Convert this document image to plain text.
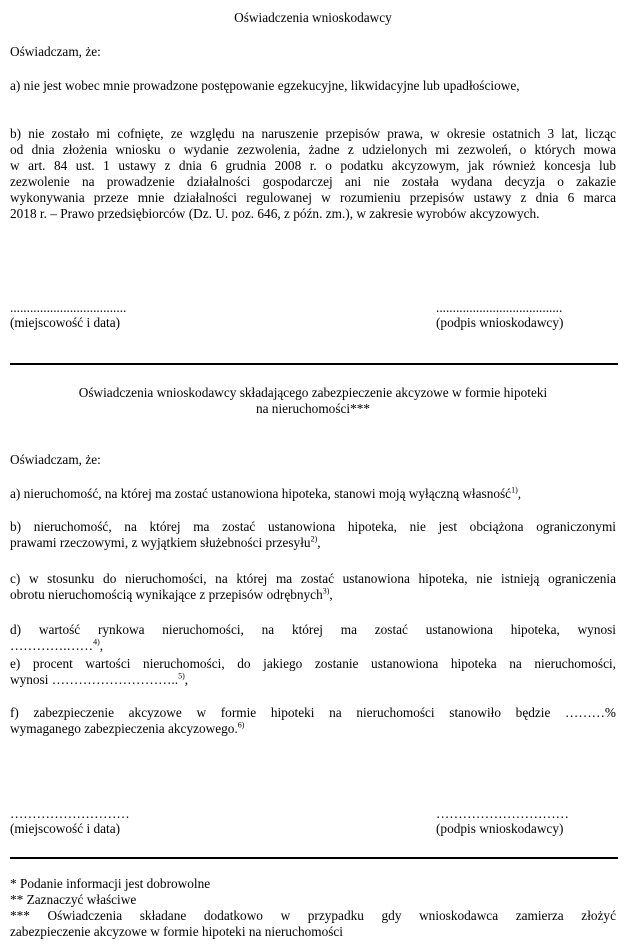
Oświadczenia wnioskodawcy
Oświadczam, że:
a) nie jest wobec mnie prowadzone postępowanie egzekucyjne, likwidacyjne lub upadłościowe,
b) nie zostało mi cofnięte, ze względu na naruszenie przepisów prawa, w okresie ostatnich 3 lat, licząc
od dnia złożenia wniosku o wydanie zezwolenia, żadne z udzielonych mi zezwoleń, o których mowa
w art. 84 ust. 1 ustawy z dnia 6 grudnia 2008 r. o podatku akcyzowym, jak również koncesja lub
zezwolenie na prowadzenie działalności gospodarczej ani nie została wydana decyzja o zakazie
wykonywania przeze mnie działalności regulowanej w rozumieniu przepisów ustawy z dnia 6 marca
2018 r. – Prawo przedsiębiorców (Dz. U. poz. 646, z późn. zm.), w zakresie wyrobów akcyzowych.
...................................
(miejscowość i data)
......................................
(podpis wnioskodawcy)
Oświadczenia wnioskodawcy składającego zabezpieczenie akcyzowe w formie hipoteki
na nieruchomości***
Oświadczam, że:
a) nieruchomość, na której ma zostać ustanowiona hipoteka, stanowi moją wyłączną własność$^{1)}$,
b) nieruchomość, na której ma zostać ustanowiona hipoteka, nie jest obciążona ograniczonymi
prawami rzeczowymi, z wyjątkiem służebności przesyłu$^{2)}$,
c) w stosunku do nieruchomości, na której ma zostać ustanowiona hipoteka, nie istnieją ograniczenia
obrotu nieruchomością wynikające z przepisów odrębnych$^{3)}$,
d) wartość rynkowa nieruchomości, na której ma zostać ustanowiona hipoteka, wynosi
………….……$^{4)}$,
e) procent wartości nieruchomości, do jakiego zostanie ustanowiona hipoteka na nieruchomości,
wynosi ………………………..$^{5)}$,
f) zabezpieczenie akcyzowe w formie hipoteki na nieruchomości stanowiło będzie ………%
wymaganego zabezpieczenia akcyzowego.$^{6)}$
………………………
(miejscowość i data)
…………………………
(podpis wnioskodawcy)
* Podanie informacji jest dobrowolne
** Zaznaczyć właściwe
*** Oświadczenia składane dodatkowo w przypadku gdy wnioskodawca zamierza złożyć
zabezpieczenie akcyzowe w formie hipoteki na nieruchomości
